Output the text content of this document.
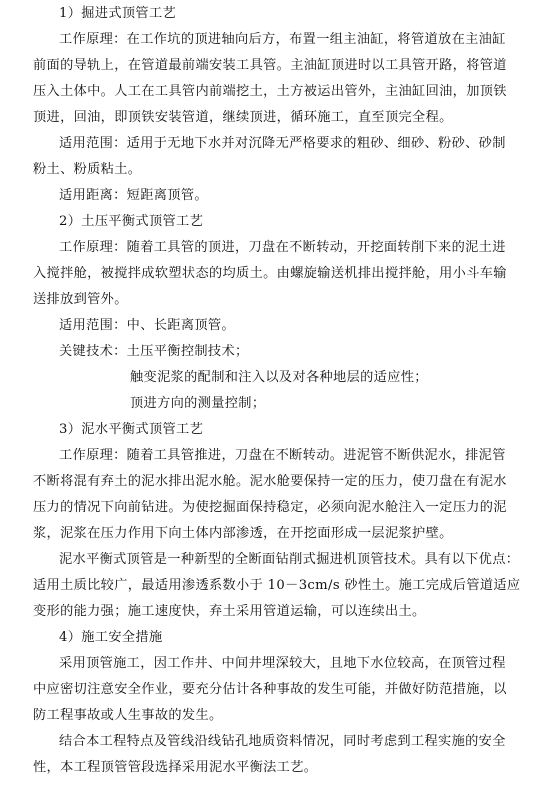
1）掘进式顶管工艺
工作原理：在工作坑的顶进轴向后方，布置一组主油缸，将管道放在主油缸
前面的导轨上，在管道最前端安装工具管。主油缸顶进时以工具管开路，将管道
压入土体中。人工在工具管内前端挖土，土方被运出管外，主油缸回油，加顶铁
顶进，回油，即顶铁安装管道，继续顶进，循环施工，直至顶完全程。
适用范围：适用于无地下水并对沉降无严格要求的粗砂、细砂、粉砂、砂制
粉土、粉质粘土。
适用距离：短距离顶管。
2）土压平衡式顶管工艺
工作原理：随着工具管的顶进，刀盘在不断转动，开挖面转削下来的泥土进
入搅拌舱，被搅拌成软塑状态的均质土。由螺旋输送机排出搅拌舱，用小斗车输
送排放到管外。
适用范围：中、长距离顶管。
关键技术：土压平衡控制技术；
触变泥浆的配制和注入以及对各种地层的适应性；
顶进方向的测量控制；
3）泥水平衡式顶管工艺
工作原理：随着工具管推进，刀盘在不断转动。进泥管不断供泥水，排泥管
不断将混有弃土的泥水排出泥水舱。泥水舱要保持一定的压力，使刀盘在有泥水
压力的情况下向前钻进。为使挖掘面保持稳定，必须向泥水舱注入一定压力的泥
浆，泥浆在压力作用下向土体内部渗透，在开挖面形成一层泥浆护壁。
泥水平衡式顶管是一种新型的全断面钻削式掘进机顶管技术。具有以下优点：
适用土质比较广，最适用渗透系数小于 10－3cm/s 砂性土。施工完成后管道适应
变形的能力强；施工速度快，弃土采用管道运输，可以连续出土。
4）施工安全措施
采用顶管施工，因工作井、中间井埋深较大，且地下水位较高，在顶管过程
中应密切注意安全作业，要充分估计各种事故的发生可能，并做好防范措施，以
防工程事故或人生事故的发生。
结合本工程特点及管线沿线钻孔地质资料情况，同时考虑到工程实施的安全
性，本工程顶管管段选择采用泥水平衡法工艺。
